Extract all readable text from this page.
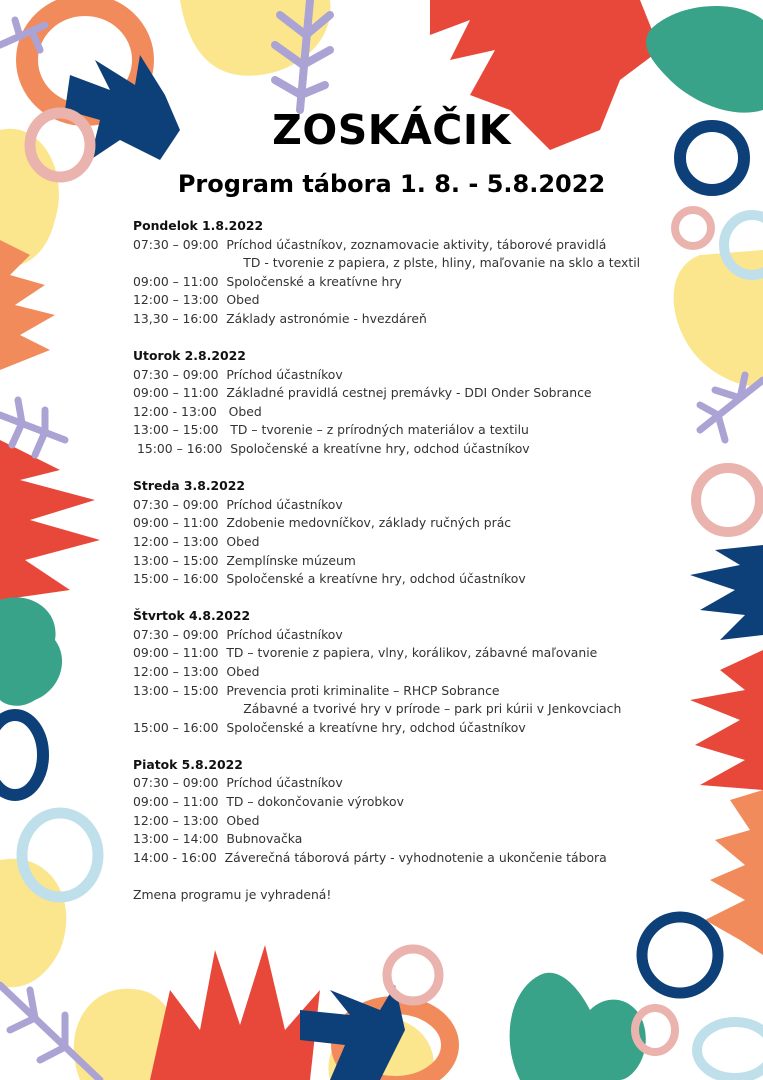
ZOSKÁČIK
Program tábora 1. 8. - 5.8.2022
Pondelok 1.8.2022
07:30 – 09:00  Príchod účastníkov, zoznamovacie aktivity, táborové pravidlá
TD - tvorenie z papiera, z plste, hliny, maľovanie na sklo a textil
09:00 – 11:00  Spoločenské a kreatívne hry
12:00 – 13:00  Obed
13,30 – 16:00  Základy astronómie - hvezdáreň
Utorok 2.8.2022
07:30 – 09:00  Príchod účastníkov
09:00 – 11:00  Základné pravidlá cestnej premávky - DDI Onder Sobrance
12:00 - 13:00   Obed
13:00 – 15:00   TD – tvorenie – z prírodných materiálov a textilu
15:00 – 16:00  Spoločenské a kreatívne hry, odchod účastníkov
Streda 3.8.2022
07:30 – 09:00  Príchod účastníkov
09:00 – 11:00  Zdobenie medovníčkov, základy ručných prác
12:00 – 13:00  Obed
13:00 – 15:00  Zemplínske múzeum
15:00 – 16:00  Spoločenské a kreatívne hry, odchod účastníkov
Štvrtok 4.8.2022
07:30 – 09:00  Príchod účastníkov
09:00 – 11:00  TD – tvorenie z papiera, vlny, korálikov, zábavné maľovanie
12:00 – 13:00  Obed
13:00 – 15:00  Prevencia proti kriminalite – RHCP Sobrance
Zábavné a tvorivé hry v prírode – park pri kúrii v Jenkovciach
15:00 – 16:00  Spoločenské a kreatívne hry, odchod účastníkov
Piatok 5.8.2022
07:30 – 09:00  Príchod účastníkov
09:00 – 11:00  TD – dokončovanie výrobkov
12:00 – 13:00  Obed
13:00 – 14:00  Bubnovačka
14:00 - 16:00  Záverečná táborová párty - vyhodnotenie a ukončenie tábora
Zmena programu je vyhradená!
